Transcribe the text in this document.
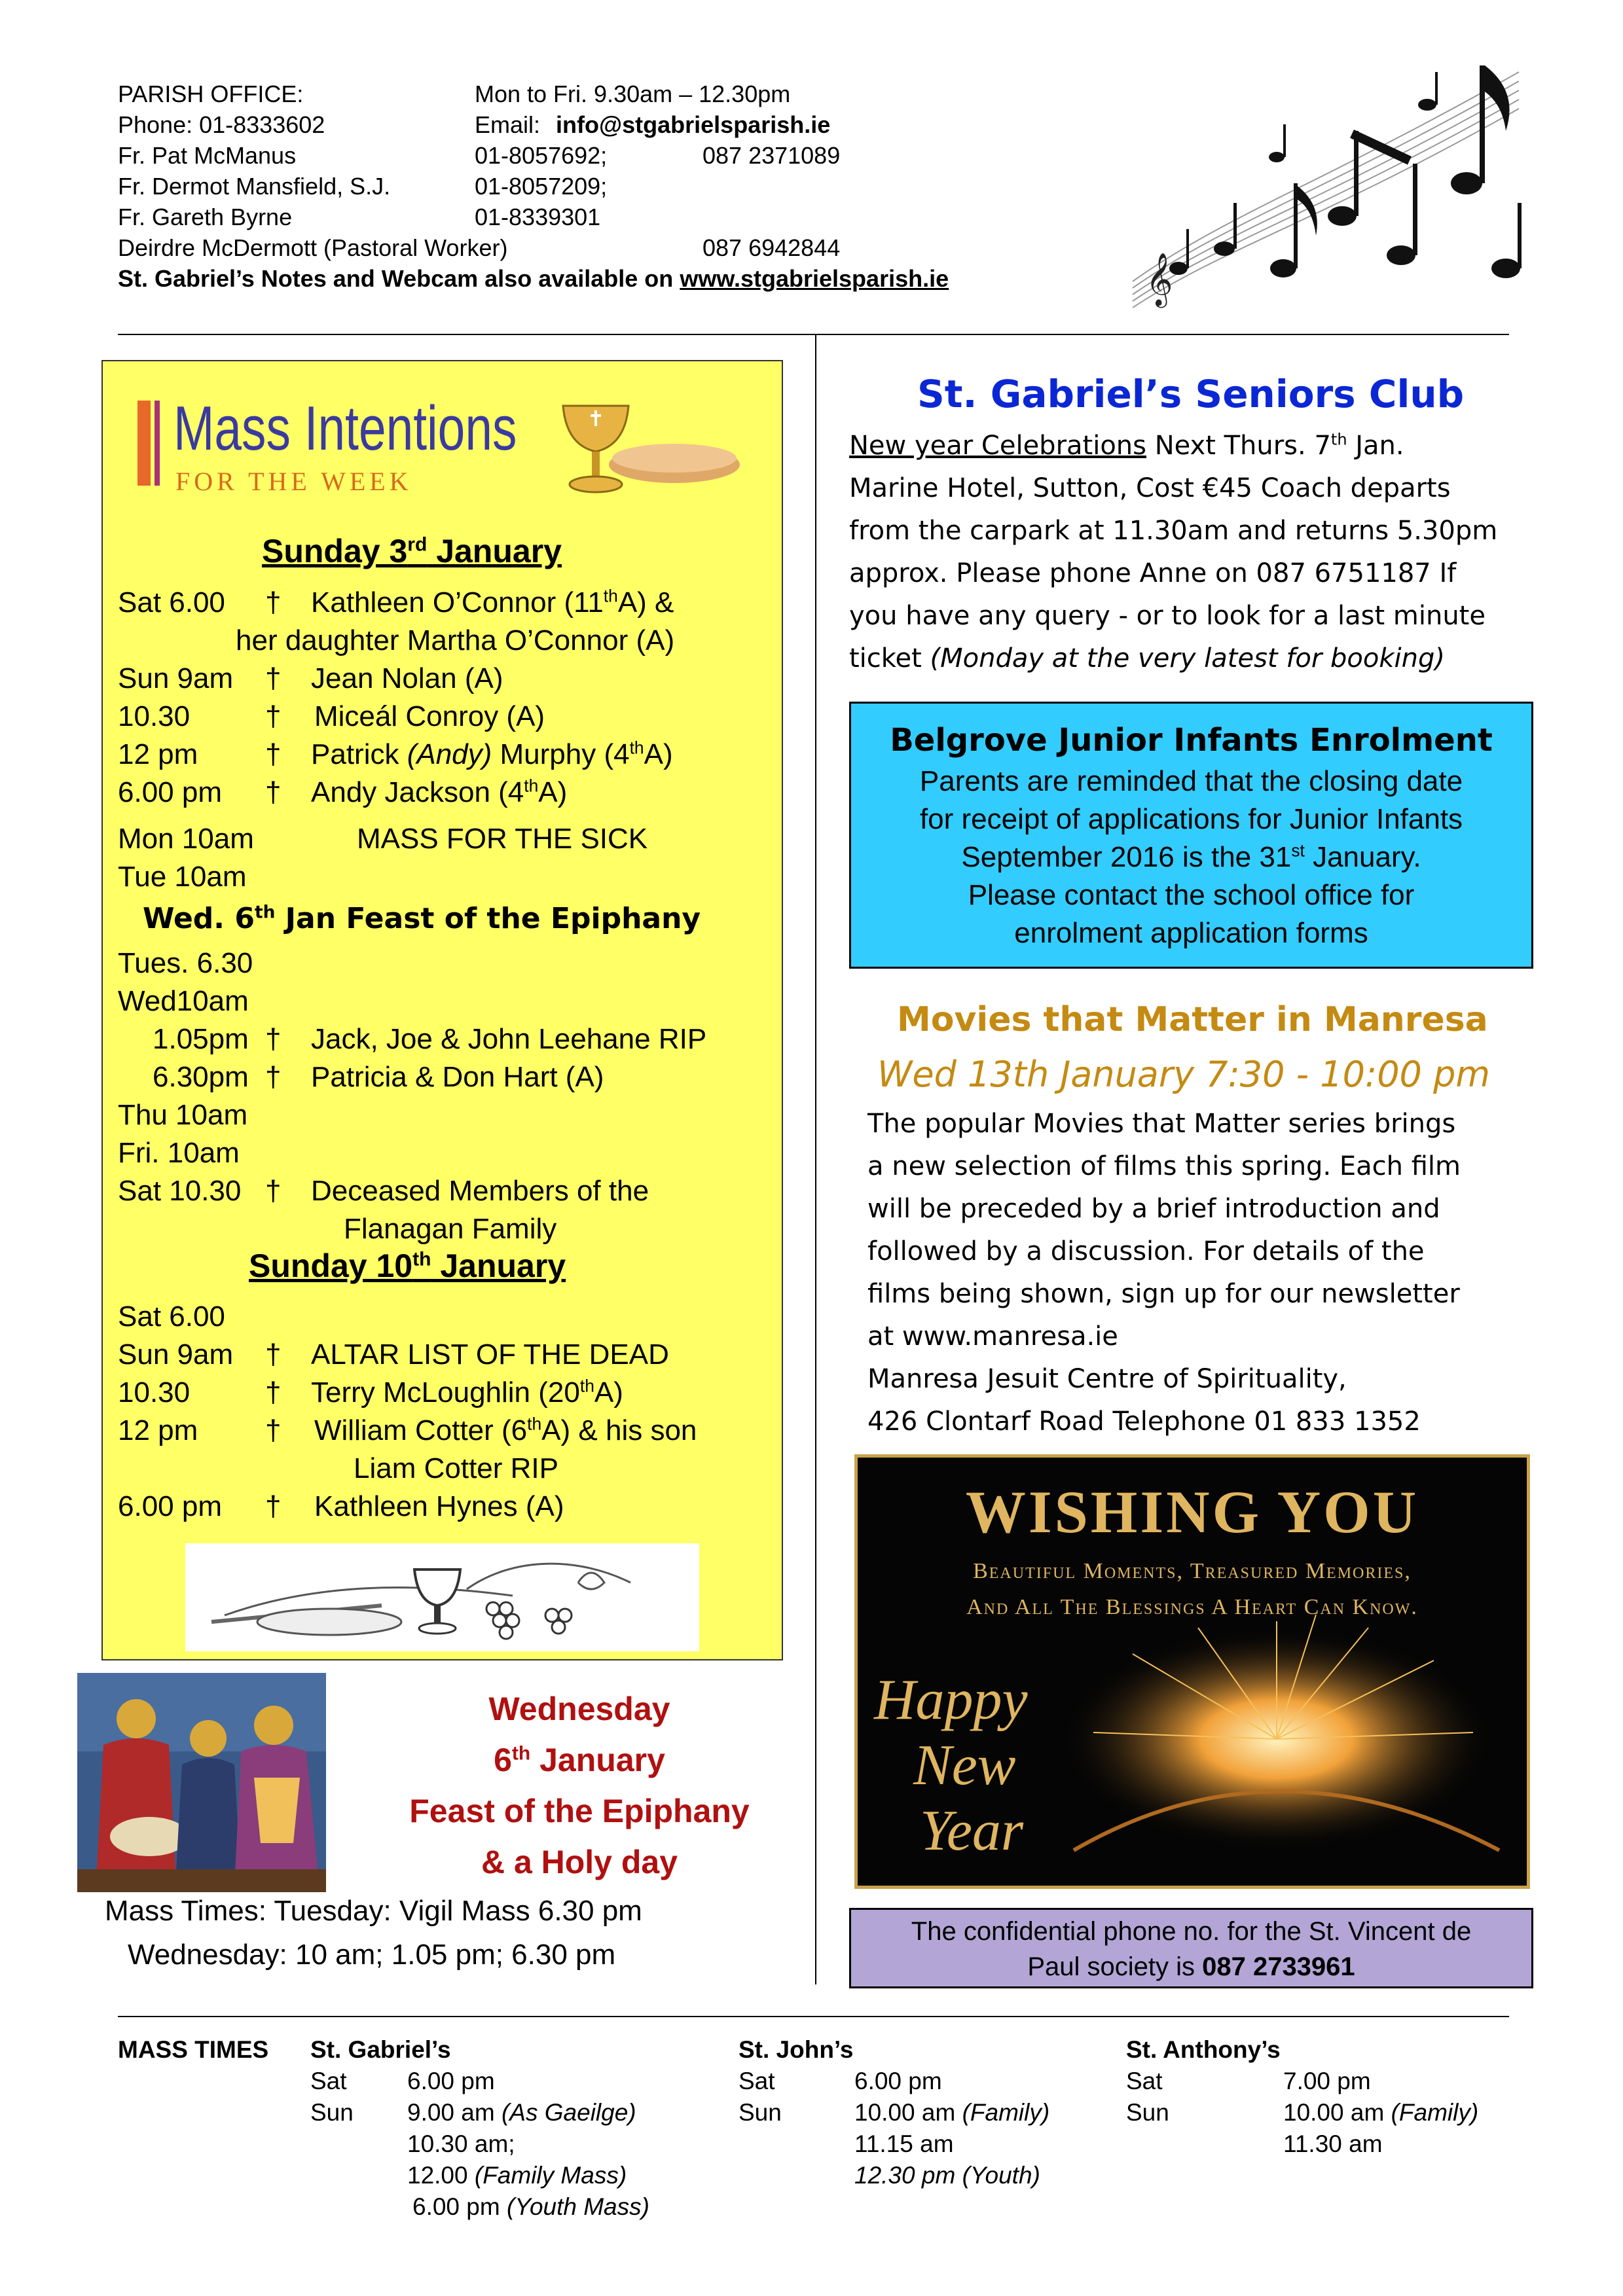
PARISH OFFICE:	Mon to Fri. 9.30am – 12.30pm
Phone: 01-8333602	Email: info@stgabrielsparish.ie
Fr. Pat McManus	01-8057692;	087 2371089
Fr. Dermot Mansfield, S.J.	01-8057209;
Fr. Gareth Byrne	01-8339301
Deirdre McDermott (Pastoral Worker)	087 6942844
St. Gabriel’s Notes and Webcam also available on www.stgabrielsparish.ie	𝄞
Mass Intentions
FOR THE WEEK
Sunday 3rd January
Sat 6.00 † Kathleen O’Connor (11thA) &
her daughter Martha O’Connor (A)
Sun 9am † Jean Nolan (A)
10.30	† Miceál Conroy (A)
12 pm † Patrick (Andy) Murphy (4thA)
6.00 pm † Andy Jackson (4thA)
Mon 10am	MASS FOR THE SICK
Tue 10am
Wed. 6th Jan Feast of the Epiphany
Tues. 6.30
Wed10am
1.05pm † Jack, Joe & John Leehane RIP
6.30pm † Patricia & Don Hart (A)
Thu 10am
Fri. 10am
Sat 10.30 † Deceased Members of the
Flanagan Family
Sunday 10th January
Sat 6.00
Sun 9am † ALTAR LIST OF THE DEAD
10.30	† Terry McLoughlin (20thA)
12 pm † William Cotter (6thA) & his son
Liam Cotter RIP
6.00 pm † Kathleen Hynes (A)
Wednesday
6th January
Feast of the Epiphany
& a Holy day
Mass Times: Tuesday: Vigil Mass 6.30 pm
Wednesday: 10 am; 1.05 pm; 6.30 pm
St. Gabriel’s Seniors Club
New year Celebrations Next Thurs. 7th Jan.
Marine Hotel, Sutton, Cost €45 Coach departs
from the carpark at 11.30am and returns 5.30pm
approx. Please phone Anne on 087 6751187 If
you have any query - or to look for a last minute
ticket (Monday at the very latest for booking)
Belgrove Junior Infants Enrolment
Parents are reminded that the closing date
for receipt of applications for Junior Infants
September 2016 is the 31st January.
Please contact the school office for
enrolment application forms
Movies that Matter in Manresa
Wed 13th January 7:30 - 10:00 pm
The popular Movies that Matter series brings
a new selection of films this spring. Each film
will be preceded by a brief introduction and
followed by a discussion. For details of the
films being shown, sign up for our newsletter
at www.manresa.ie
Manresa Jesuit Centre of Spirituality,
426 Clontarf Road Telephone 01 833 1352
WISHING YOU
Beautiful Moments, Treasured Memories,
And All The Blessings A Heart Can Know.
Happy
New
Year
The confidential phone no. for the St. Vincent de
Paul society is 087 2733961
MASS TIMES St. Gabriel’s
Sat 6.00 pm
Sun 9.00 am (As Gaeilge)
10.30 am;
12.00 (Family Mass)
6.00 pm (Youth Mass)
St. John’s
Sat	6.00 pm
Sun	10.00 am (Family)
11.15 am
12.30 pm (Youth)
St. Anthony’s
Sat	7.00 pm
Sun	10.00 am (Family)
11.30 am
